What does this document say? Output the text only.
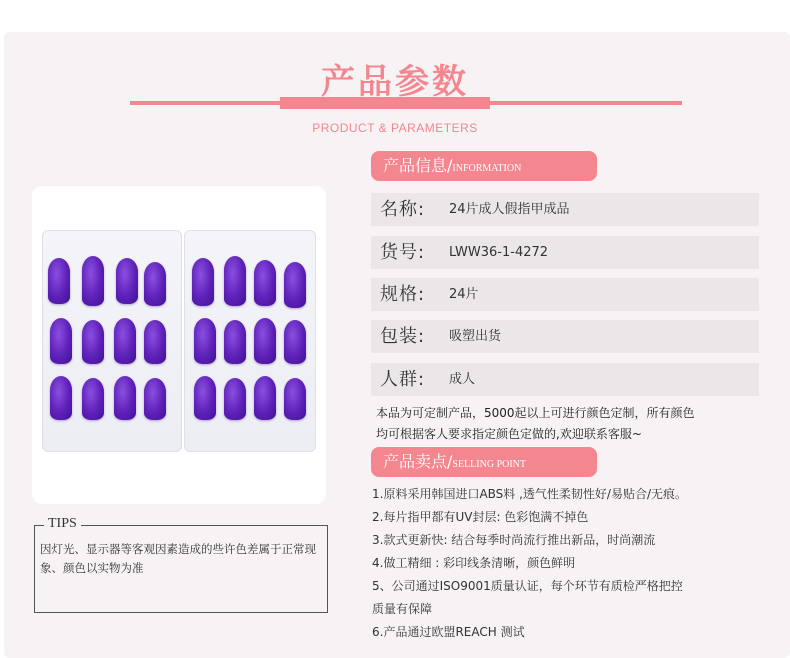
产品参数
PRODUCT & PARAMETERS
TIPS
因灯光、显示器等客观因素造成的些许色差属于正常现象、颜色以实物为准
产品信息/INFORMATION
名称: 24片成人假指甲成品
货号: LWW36-1-4272
规格: 24片
包装: 吸塑出货
人群: 成人
本品为可定制产品，5000起以上可进行颜色定制，所有颜色
均可根据客人要求指定颜色定做的,欢迎联系客服~
产品卖点/SELLING POINT
1.原料采用韩国进口ABS料 ,透气性柔韧性好/易贴合/无痕。
2.每片指甲都有UV封层: 色彩饱满不掉色
3.款式更新快: 结合每季时尚流行推出新品，时尚潮流
4.做工精细 : 彩印线条清晰，颜色鲜明
5、公司通过ISO9001质量认证，每个环节有质检严格把控
质量有保障
6.产品通过欧盟REACH 测试
